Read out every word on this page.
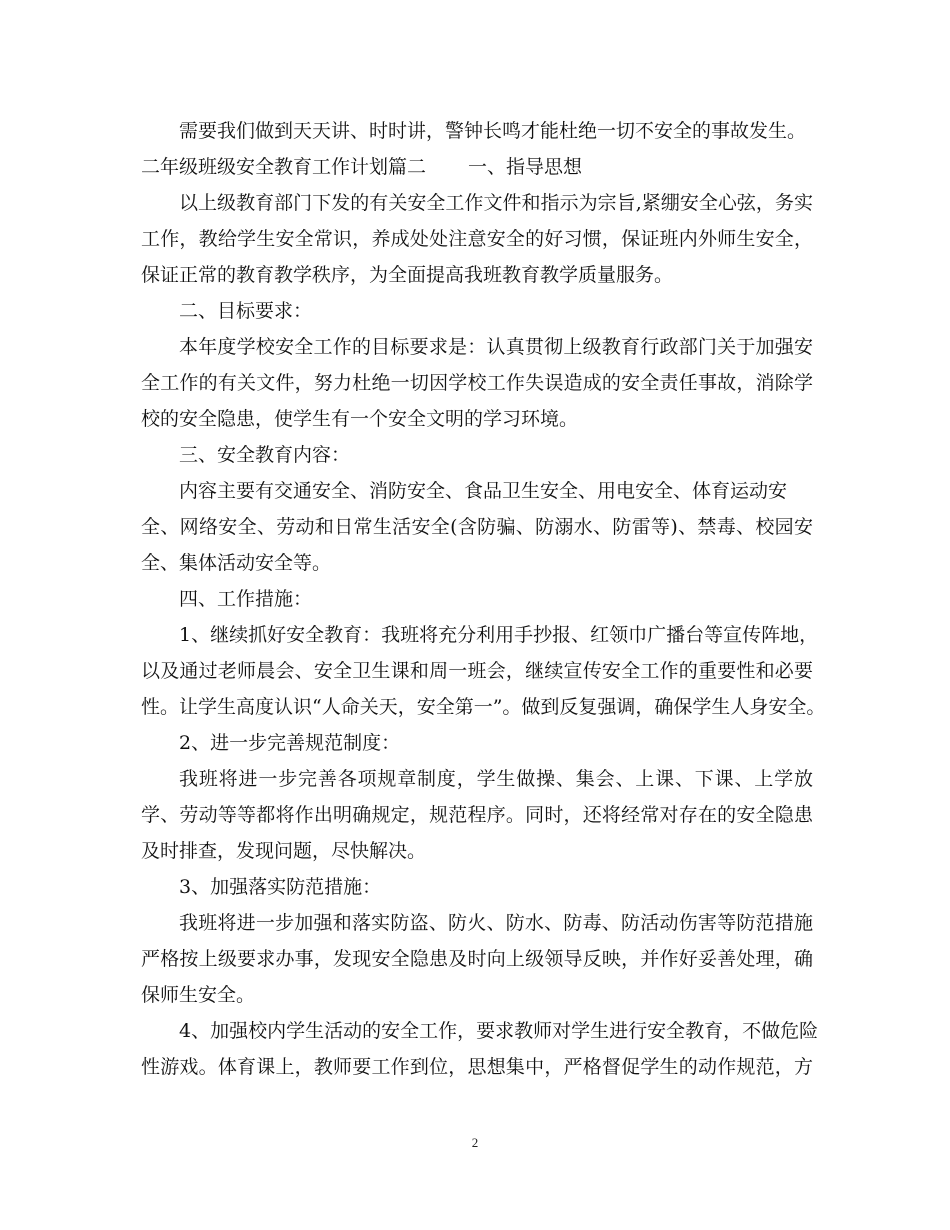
需要我们做到天天讲、时时讲，警钟长鸣才能杜绝一切不安全的事故发生。
二年级班级安全教育工作计划篇二 一、指导思想
以上级教育部门下发的有关安全工作文件和指示为宗旨,紧绷安全心弦，务实
工作，教给学生安全常识，养成处处注意安全的好习惯，保证班内外师生安全，
保证正常的教育教学秩序，为全面提高我班教育教学质量服务。
二、目标要求：
本年度学校安全工作的目标要求是：认真贯彻上级教育行政部门关于加强安
全工作的有关文件，努力杜绝一切因学校工作失误造成的安全责任事故，消除学
校的安全隐患，使学生有一个安全文明的学习环境。
三、安全教育内容：
内容主要有交通安全、消防安全、食品卫生安全、用电安全、体育运动安
全、网络安全、劳动和日常生活安全(含防骗、防溺水、防雷等)、禁毒、校园安
全、集体活动安全等。
四、工作措施：
1、继续抓好安全教育：我班将充分利用手抄报、红领巾广播台等宣传阵地，
以及通过老师晨会、安全卫生课和周一班会，继续宣传安全工作的重要性和必要
性。让学生高度认识“人命关天，安全第一”。做到反复强调，确保学生人身安全。
2、进一步完善规范制度：
我班将进一步完善各项规章制度，学生做操、集会、上课、下课、上学放
学、劳动等等都将作出明确规定，规范程序。同时，还将经常对存在的安全隐患
及时排查，发现问题，尽快解决。
3、加强落实防范措施：
我班将进一步加强和落实防盗、防火、防水、防毒、防活动伤害等防范措施
严格按上级要求办事，发现安全隐患及时向上级领导反映，并作好妥善处理，确
保师生安全。
4、加强校内学生活动的安全工作，要求教师对学生进行安全教育，不做危险
性游戏。体育课上，教师要工作到位，思想集中，严格督促学生的动作规范，方
2
